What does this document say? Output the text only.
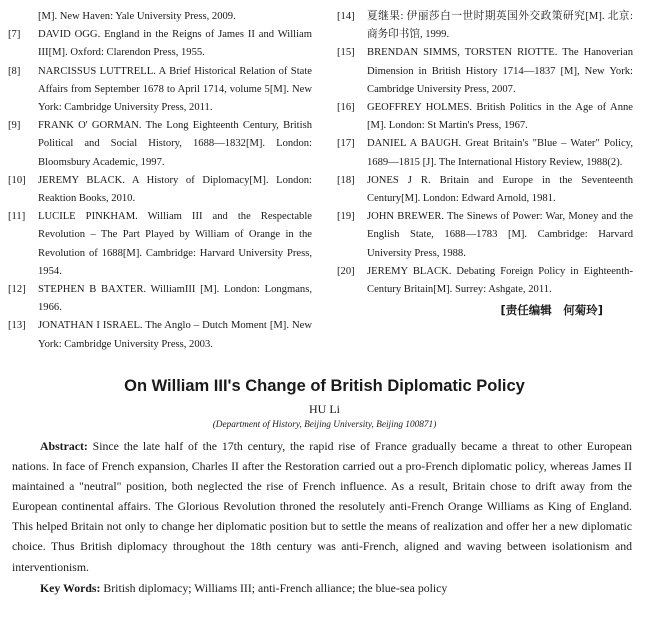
[M]. New Haven: Yale University Press, 2009.
[7] DAVID OGG. England in the Reigns of James II and William III[M]. Oxford: Clarendon Press, 1955.
[8] NARCISSUS LUTTRELL. A Brief Historical Relation of State Affairs from September 1678 to April 1714, volume 5[M]. New York: Cambridge University Press, 2011.
[9] FRANK O' GORMAN. The Long Eighteenth Century, British Political and Social History, 1688—1832[M]. London: Bloomsbury Academic, 1997.
[10] JEREMY BLACK. A History of Diplomacy[M]. London: Reaktion Books, 2010.
[11] LUCILE PINKHAM. William III and the Respectable Revolution – The Part Played by William of Orange in the Revolution of 1688[M]. Cambridge: Harvard University Press, 1954.
[12] STEPHEN B BAXTER. WilliamIII [M]. London: Longmans, 1966.
[13] JONATHAN I ISRAEL. The Anglo – Dutch Moment [M]. New York: Cambridge University Press, 2003.
[14] 夏继果: 伊丽莎白一世时期英国外交政策研究[M]. 北京: 商务印书馆, 1999.
[15] BRENDAN SIMMS, TORSTEN RIOTTE. The Hanoverian Dimension in British History 1714—1837 [M], New York: Cambridge University Press, 2007.
[16] GEOFFREY HOLMES. British Politics in the Age of Anne [M]. London: St Martin's Press, 1967.
[17] DANIEL A BAUGH. Great Britain's "Blue – Water" Policy, 1689—1815 [J]. The International History Review, 1988(2).
[18] JONES J R. Britain and Europe in the Seventeenth Century[M]. London: Edward Arnold, 1981.
[19] JOHN BREWER. The Sinews of Power: War, Money and the English State, 1688—1783 [M]. Cambridge: Harvard University Press, 1988.
[20] JEREMY BLACK. Debating Foreign Policy in Eighteenth-Century Britain[M]. Surrey: Ashgate, 2011.
[责任编辑　何菊玲]
On William III's Change of British Diplomatic Policy
HU Li
(Department of History, Beijing University, Beijing 100871)
Abstract: Since the late half of the 17th century, the rapid rise of France gradually became a threat to other European nations. In face of French expansion, Charles II after the Restoration carried out a pro-French diplomatic policy, whereas James II maintained a "neutral" position, both neglected the rise of French influence. As a result, Britain chose to drift away from the European continental affairs. The Glorious Revolution throned the resolutely anti-French Orange Williams as King of England. This helped Britain not only to change her diplomatic position but to settle the means of realization and offer her a new diplomatic choice. Thus British diplomacy throughout the 18th century was anti-French, aligned and waving between isolationism and interventionism.
Key Words: British diplomacy; Williams III; anti-French alliance; the blue-sea policy
